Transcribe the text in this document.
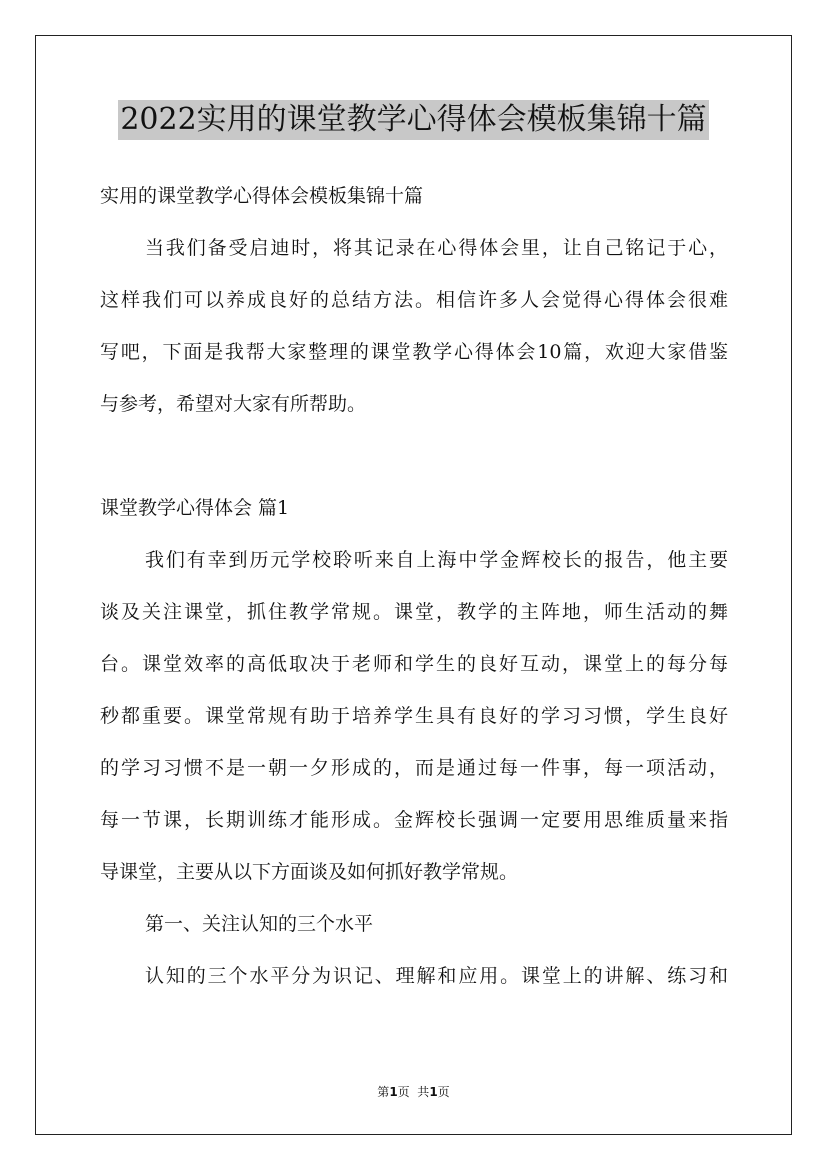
2022实用的课堂教学心得体会模板集锦十篇
实用的课堂教学心得体会模板集锦十篇
当我们备受启迪时，将其记录在心得体会里，让自己铭记于心，
这样我们可以养成良好的总结方法。相信许多人会觉得心得体会很难
写吧，下面是我帮大家整理的课堂教学心得体会10篇，欢迎大家借鉴
与参考，希望对大家有所帮助。
课堂教学心得体会 篇1
我们有幸到历元学校聆听来自上海中学金辉校长的报告，他主要
谈及关注课堂，抓住教学常规。课堂，教学的主阵地，师生活动的舞
台。课堂效率的高低取决于老师和学生的良好互动，课堂上的每分每
秒都重要。课堂常规有助于培养学生具有良好的学习习惯，学生良好
的学习习惯不是一朝一夕形成的，而是通过每一件事，每一项活动，
每一节课，长期训练才能形成。金辉校长强调一定要用思维质量来指
导课堂，主要从以下方面谈及如何抓好教学常规。
第一、关注认知的三个水平
认知的三个水平分为识记、理解和应用。课堂上的讲解、练习和
第1页  共1页
